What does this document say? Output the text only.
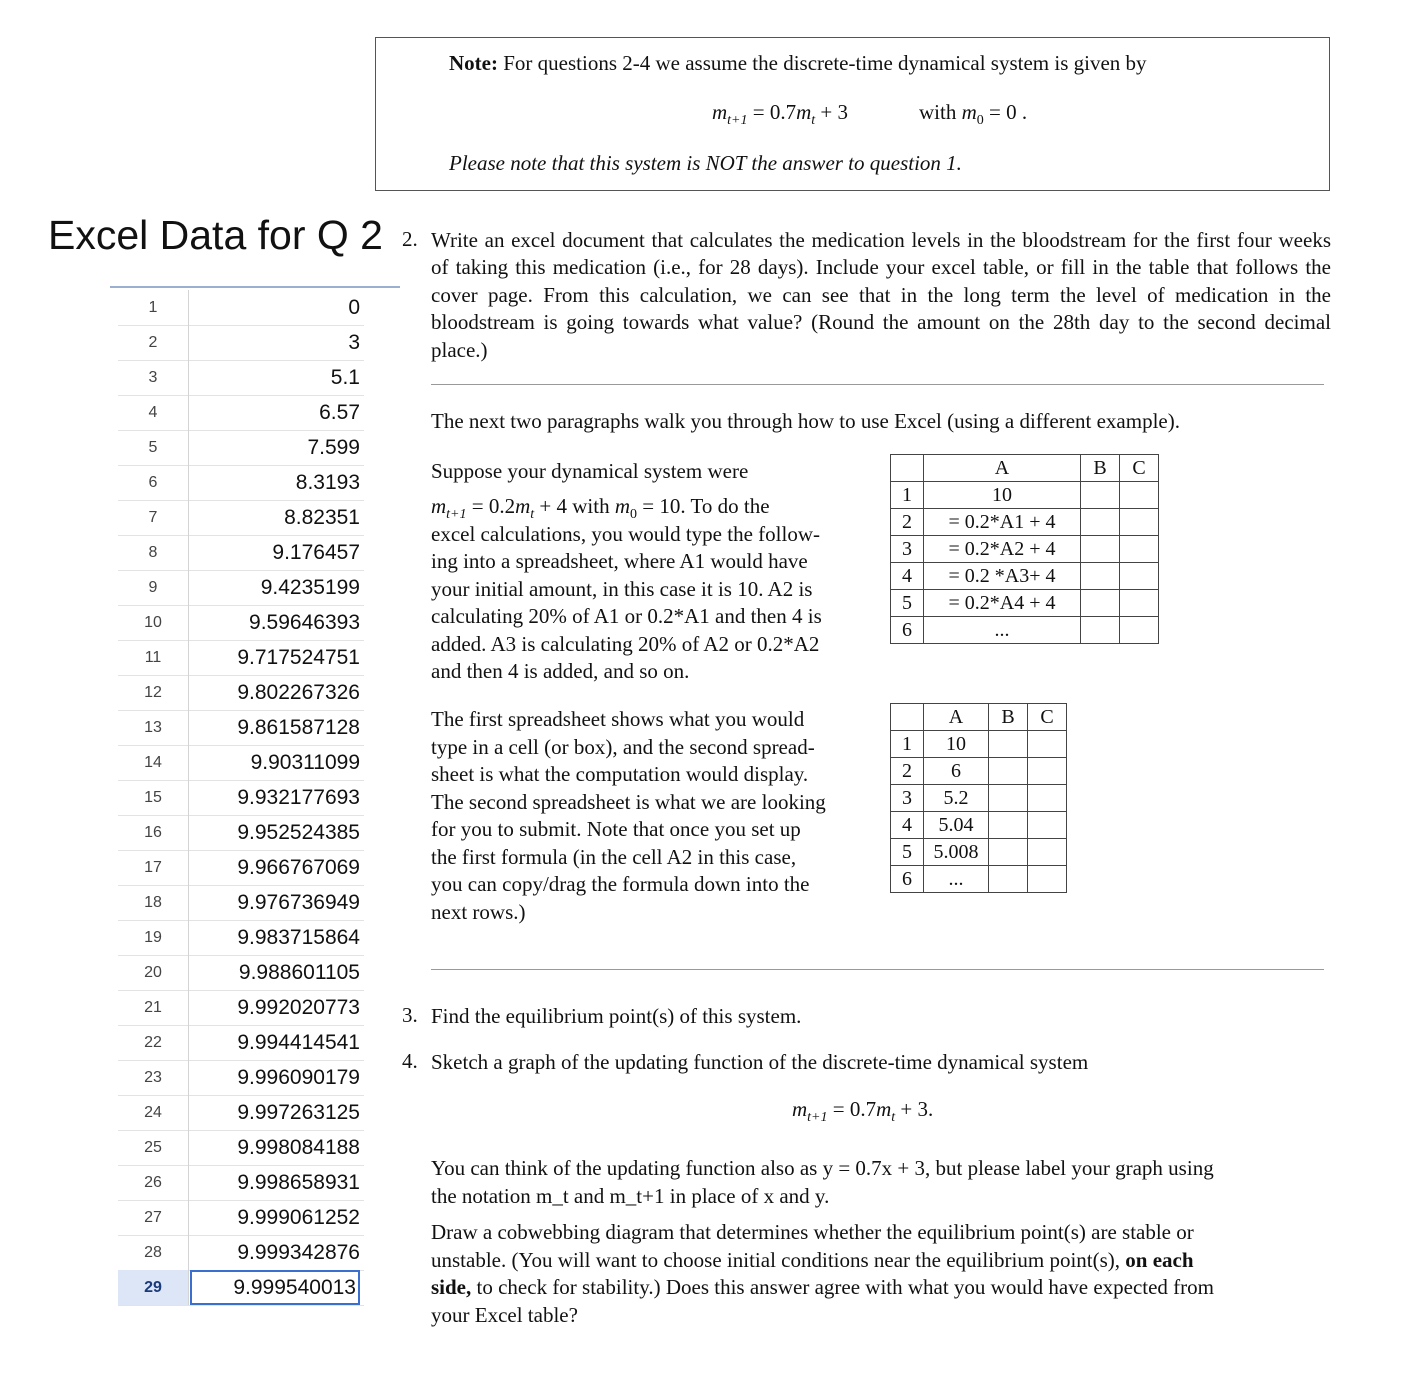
Note: For questions 2-4 we assume the discrete-time dynamical system is given by
$m_{t+1} = 0.7m_t + 3$	with $m_0 = 0$ .
Please note that this system is NOT the answer to question 1.
Excel Data for Q 2
1	0
2	3
3	5.1
4	6.57
5	7.599
6	8.3193
7	8.82351
8	9.176457
9	9.4235199
10	9.59646393
11	9.717524751
12	9.802267326
13	9.861587128
14	9.90311099
15	9.932177693
16	9.952524385
17	9.966767069
18	9.976736949
19	9.983715864
20	9.988601105
21	9.992020773
22	9.994414541
23	9.996090179
24	9.997263125
25	9.998084188
26	9.998658931
27	9.999061252
28	9.999342876
29	9.999540013
2. Write an excel document that calculates the medication levels in the bloodstream for the first four weeks of taking this medication (i.e., for 28 days). Include your excel table, or fill in the table that follows the cover page. From this calculation, we can see that in the long term the level of medication in the bloodstream is going towards what value? (Round the amount on the 28th day to the second decimal place.)
The next two paragraphs walk you through how to use Excel (using a different example).
Suppose your dynamical system were
$m_{t+1} = 0.2m_t + 4$ with $m_0 = 10$. To do the
excel calculations, you would type the follow-
ing into a spreadsheet, where A1 would have
your initial amount, in this case it is 10. A2 is
calculating 20% of A1 or 0.2*A1 and then 4 is
added. A3 is calculating 20% of A2 or 0.2*A2
and then 4 is added, and so on.
	A	B	C
1	10		
2	= 0.2*A1 + 4		
3	= 0.2*A2 + 4		
4	= 0.2 *A3+ 4		
5	= 0.2*A4 + 4		
6	...		
The first spreadsheet shows what you would
type in a cell (or box), and the second spread-
sheet is what the computation would display.
The second spreadsheet is what we are looking
for you to submit. Note that once you set up
the first formula (in the cell A2 in this case,
you can copy/drag the formula down into the
next rows.)
	A	B	C
1	10		
2	6		
3	5.2		
4	5.04		
5	5.008		
6	...		
3. Find the equilibrium point(s) of this system.
4. Sketch a graph of the updating function of the discrete-time dynamical system
$m_{t+1} = 0.7m_t + 3$.
You can think of the updating function also as y = 0.7x + 3, but please label your graph using
the notation m_t and m_t+1 in place of x and y.
Draw a cobwebbing diagram that determines whether the equilibrium point(s) are stable or
unstable. (You will want to choose initial conditions near the equilibrium point(s), on each
side, to check for stability.) Does this answer agree with what you would have expected from
your Excel table?
